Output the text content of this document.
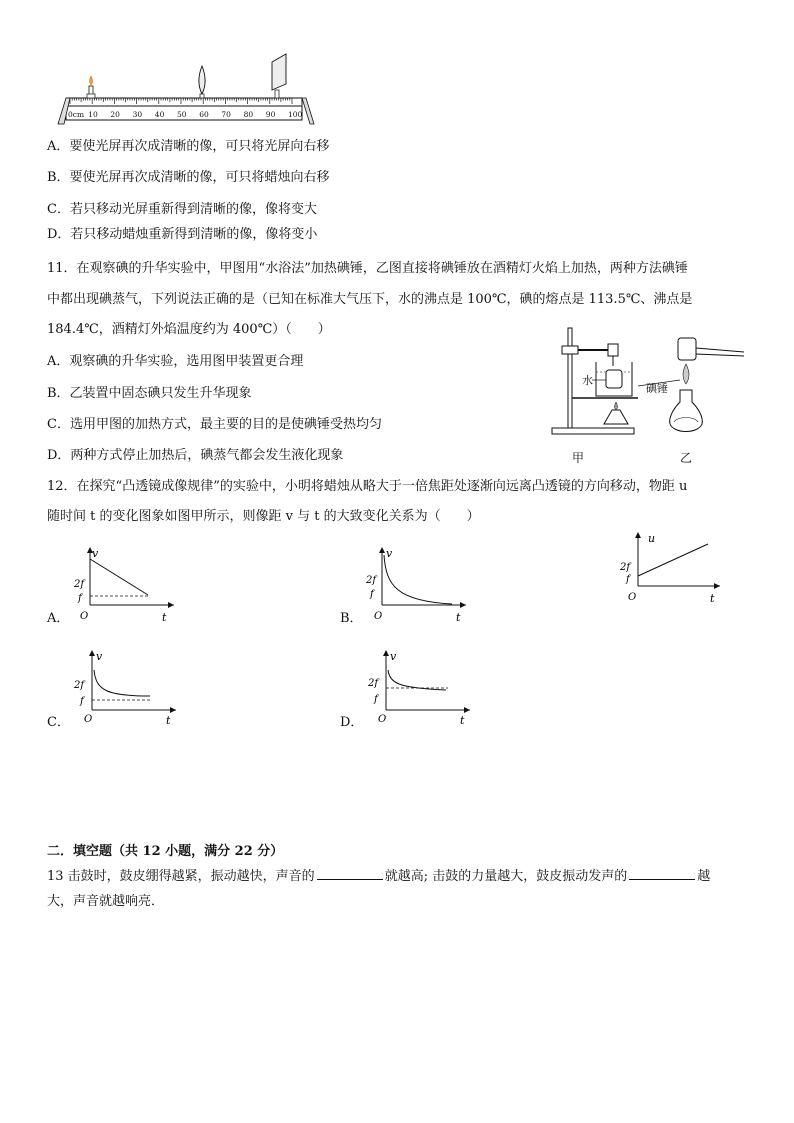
0cm 10 20 30 40 50 60 70 80 90 100
A．要使光屏再次成清晰的像，可只将光屏向右移
B．要使光屏再次成清晰的像，可只将蜡烛向右移
C．若只移动光屏重新得到清晰的像，像将变大
D．若只移动蜡烛重新得到清晰的像，像将变小
11．在观察碘的升华实验中，甲图用“水浴法”加热碘锤，乙图直接将碘锤放在酒精灯火焰上加热，两种方法碘锤
中都出现碘蒸气，下列说法正确的是（已知在标准大气压下，水的沸点是 100℃，碘的熔点是 113.5℃、沸点是
184.4℃，酒精灯外焰温度约为 400℃）（　　）
A．观察碘的升华实验，选用图甲装置更合理
B．乙装置中固态碘只发生升华现象
C．选用甲图的加热方式，最主要的目的是使碘锤受热均匀
D．两种方式停止加热后，碘蒸气都会发生液化现象
水
碘锤
甲	乙
12．在探究“凸透镜成像规律”的实验中，小明将蜡烛从略大于一倍焦距处逐渐向远离凸透镜的方向移动，物距 u
随时间 t 的变化图象如图甲所示，则像距 v 与 t 的大致变化关系为（　　）
v
2f
f
O	t
A．
v
2f
f
O	t
B．
u
2f
f
O	t
v
2f
f
O	t
C．
v
2f
f
O	t
D．
二．填空题（共 12 小题，满分 22 分）
13 击鼓时，鼓皮绷得越紧，振动越快，声音的	就越高; 击鼓的力量越大，鼓皮振动发声的	越
大，声音就越响亮．
